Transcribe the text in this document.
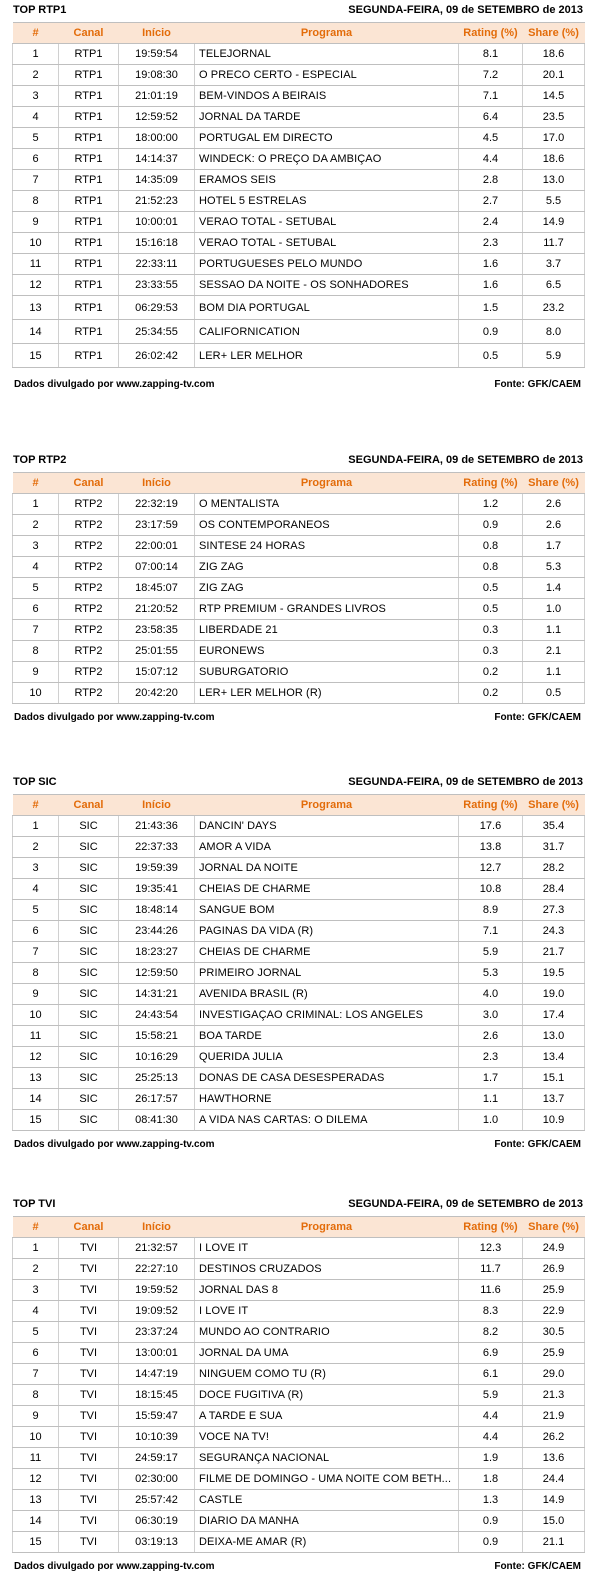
TOP RTP1	SEGUNDA-FEIRA, 09 de SETEMBRO de 2013
#	Canal	Início	Programa	Rating (%)	Share (%)
1	RTP1	19:59:54	TELEJORNAL	8.1	18.6
2	RTP1	19:08:30	O PRECO CERTO - ESPECIAL	7.2	20.1
3	RTP1	21:01:19	BEM-VINDOS A BEIRAIS	7.1	14.5
4	RTP1	12:59:52	JORNAL DA TARDE	6.4	23.5
5	RTP1	18:00:00	PORTUGAL EM DIRECTO	4.5	17.0
6	RTP1	14:14:37	WINDECK: O PREÇO DA AMBIÇAO	4.4	18.6
7	RTP1	14:35:09	ERAMOS SEIS	2.8	13.0
8	RTP1	21:52:23	HOTEL 5 ESTRELAS	2.7	5.5
9	RTP1	10:00:01	VERAO TOTAL - SETUBAL	2.4	14.9
10	RTP1	15:16:18	VERAO TOTAL - SETUBAL	2.3	11.7
11	RTP1	22:33:11	PORTUGUESES PELO MUNDO	1.6	3.7
12	RTP1	23:33:55	SESSAO DA NOITE - OS SONHADORES	1.6	6.5
13	RTP1	06:29:53	BOM DIA PORTUGAL	1.5	23.2
14	RTP1	25:34:55	CALIFORNICATION	0.9	8.0
15	RTP1	26:02:42	LER+ LER MELHOR	0.5	5.9
Dados divulgado por www.zapping-tv.com	Fonte: GFK/CAEM
TOP RTP2	SEGUNDA-FEIRA, 09 de SETEMBRO de 2013
#	Canal	Início	Programa	Rating (%)	Share (%)
1	RTP2	22:32:19	O MENTALISTA	1.2	2.6
2	RTP2	23:17:59	OS CONTEMPORANEOS	0.9	2.6
3	RTP2	22:00:01	SINTESE 24 HORAS	0.8	1.7
4	RTP2	07:00:14	ZIG ZAG	0.8	5.3
5	RTP2	18:45:07	ZIG ZAG	0.5	1.4
6	RTP2	21:20:52	RTP PREMIUM - GRANDES LIVROS	0.5	1.0
7	RTP2	23:58:35	LIBERDADE 21	0.3	1.1
8	RTP2	25:01:55	EURONEWS	0.3	2.1
9	RTP2	15:07:12	SUBURGATORIO	0.2	1.1
10	RTP2	20:42:20	LER+ LER MELHOR (R)	0.2	0.5
Dados divulgado por www.zapping-tv.com	Fonte: GFK/CAEM
TOP SIC	SEGUNDA-FEIRA, 09 de SETEMBRO de 2013
#	Canal	Início	Programa	Rating (%)	Share (%)
1	SIC	21:43:36	DANCIN' DAYS	17.6	35.4
2	SIC	22:37:33	AMOR A VIDA	13.8	31.7
3	SIC	19:59:39	JORNAL DA NOITE	12.7	28.2
4	SIC	19:35:41	CHEIAS DE CHARME	10.8	28.4
5	SIC	18:48:14	SANGUE BOM	8.9	27.3
6	SIC	23:44:26	PAGINAS DA VIDA (R)	7.1	24.3
7	SIC	18:23:27	CHEIAS DE CHARME	5.9	21.7
8	SIC	12:59:50	PRIMEIRO JORNAL	5.3	19.5
9	SIC	14:31:21	AVENIDA BRASIL (R)	4.0	19.0
10	SIC	24:43:54	INVESTIGAÇAO CRIMINAL: LOS ANGELES	3.0	17.4
11	SIC	15:58:21	BOA TARDE	2.6	13.0
12	SIC	10:16:29	QUERIDA JULIA	2.3	13.4
13	SIC	25:25:13	DONAS DE CASA DESESPERADAS	1.7	15.1
14	SIC	26:17:57	HAWTHORNE	1.1	13.7
15	SIC	08:41:30	A VIDA NAS CARTAS: O DILEMA	1.0	10.9
Dados divulgado por www.zapping-tv.com	Fonte: GFK/CAEM
TOP TVI	SEGUNDA-FEIRA, 09 de SETEMBRO de 2013
#	Canal	Início	Programa	Rating (%)	Share (%)
1	TVI	21:32:57	I LOVE IT	12.3	24.9
2	TVI	22:27:10	DESTINOS CRUZADOS	11.7	26.9
3	TVI	19:59:52	JORNAL DAS 8	11.6	25.9
4	TVI	19:09:52	I LOVE IT	8.3	22.9
5	TVI	23:37:24	MUNDO AO CONTRARIO	8.2	30.5
6	TVI	13:00:01	JORNAL DA UMA	6.9	25.9
7	TVI	14:47:19	NINGUEM COMO TU (R)	6.1	29.0
8	TVI	18:15:45	DOCE FUGITIVA (R)	5.9	21.3
9	TVI	15:59:47	A TARDE E SUA	4.4	21.9
10	TVI	10:10:39	VOCE NA TV!	4.4	26.2
11	TVI	24:59:17	SEGURANÇA NACIONAL	1.9	13.6
12	TVI	02:30:00	FILME DE DOMINGO - UMA NOITE COM BETH...	1.8	24.4
13	TVI	25:57:42	CASTLE	1.3	14.9
14	TVI	06:30:19	DIARIO DA MANHA	0.9	15.0
15	TVI	03:19:13	DEIXA-ME AMAR (R)	0.9	21.1
Dados divulgado por www.zapping-tv.com	Fonte: GFK/CAEM
